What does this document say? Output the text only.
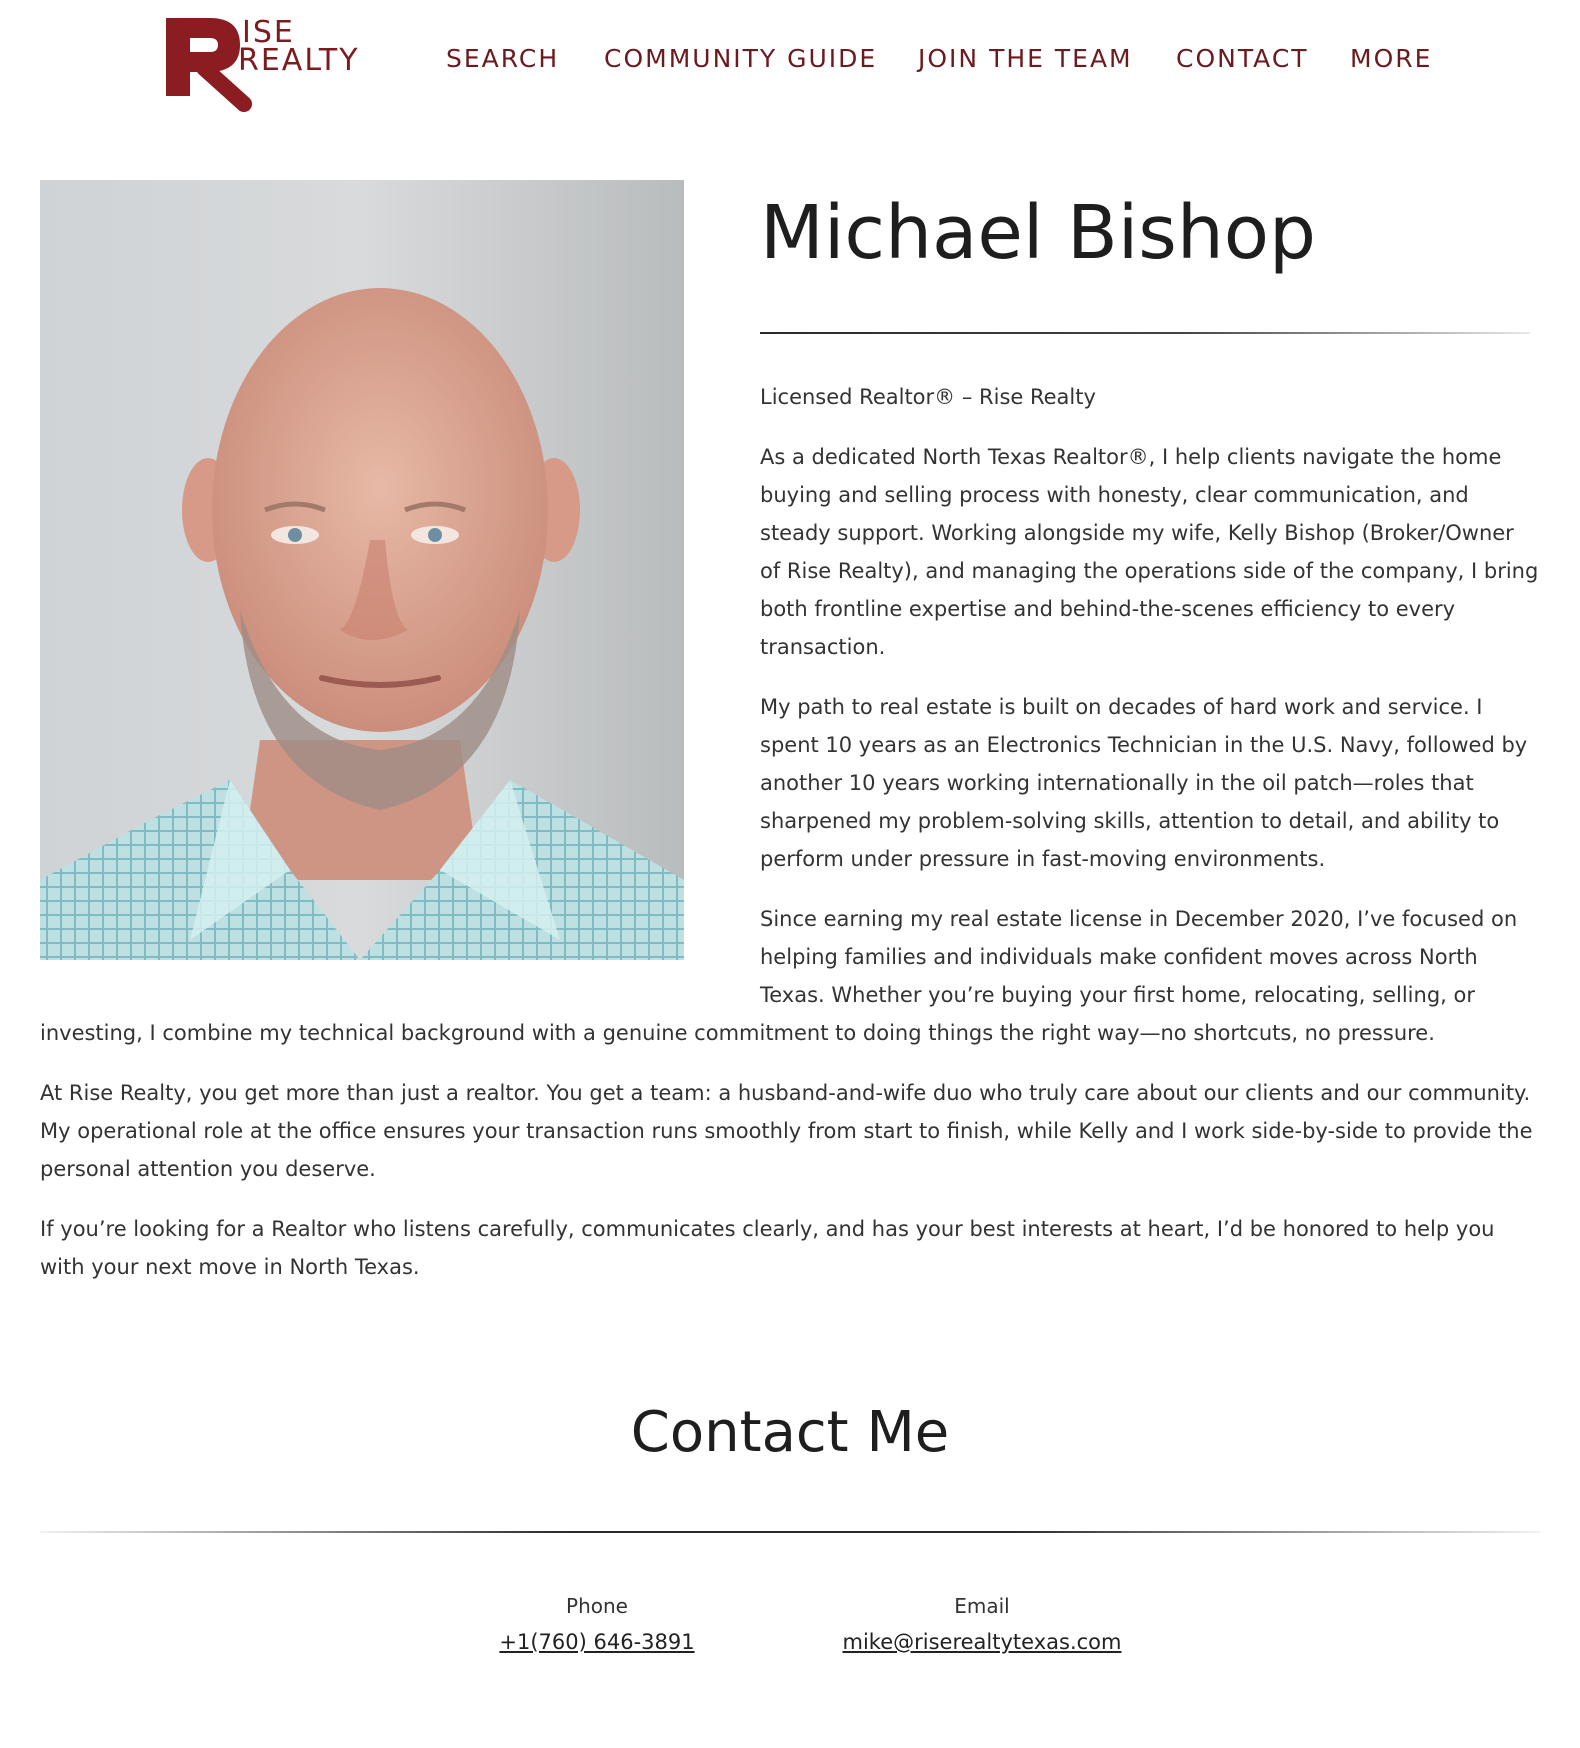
ISE
REALTY	SEARCH COMMUNITY GUIDE JOIN THE TEAM CONTACT MORE
Michael Bishop

Licensed Realtor® – Rise Realty

As a dedicated North Texas Realtor®, I help clients navigate the home buying and selling process with honesty, clear communication, and steady support. Working alongside my wife, Kelly Bishop (Broker/Owner of Rise Realty), and managing the operations side of the company, I bring both frontline expertise and behind-the-scenes efficiency to every transaction.

My path to real estate is built on decades of hard work and service. I spent 10 years as an Electronics Technician in the U.S. Navy, followed by another 10 years working internationally in the oil patch—roles that sharpened my problem-solving skills, attention to detail, and ability to perform under pressure in fast-moving environments.

Since earning my real estate license in December 2020, I’ve focused on helping families and individuals make confident moves across North Texas. Whether you’re buying your first home, relocating, selling, or

investing, I combine my technical background with a genuine commitment to doing things the right way—no shortcuts, no pressure.

At Rise Realty, you get more than just a realtor. You get a team: a husband-and-wife duo who truly care about our clients and our community. My operational role at the office ensures your transaction runs smoothly from start to finish, while Kelly and I work side-by-side to provide the personal attention you deserve.

If you’re looking for a Realtor who listens carefully, communicates clearly, and has your best interests at heart, I’d be honored to help you with your next move in North Texas.

Contact Me
Phone
+1(760) 646-3891
Email
mike@riserealtytexas.com
